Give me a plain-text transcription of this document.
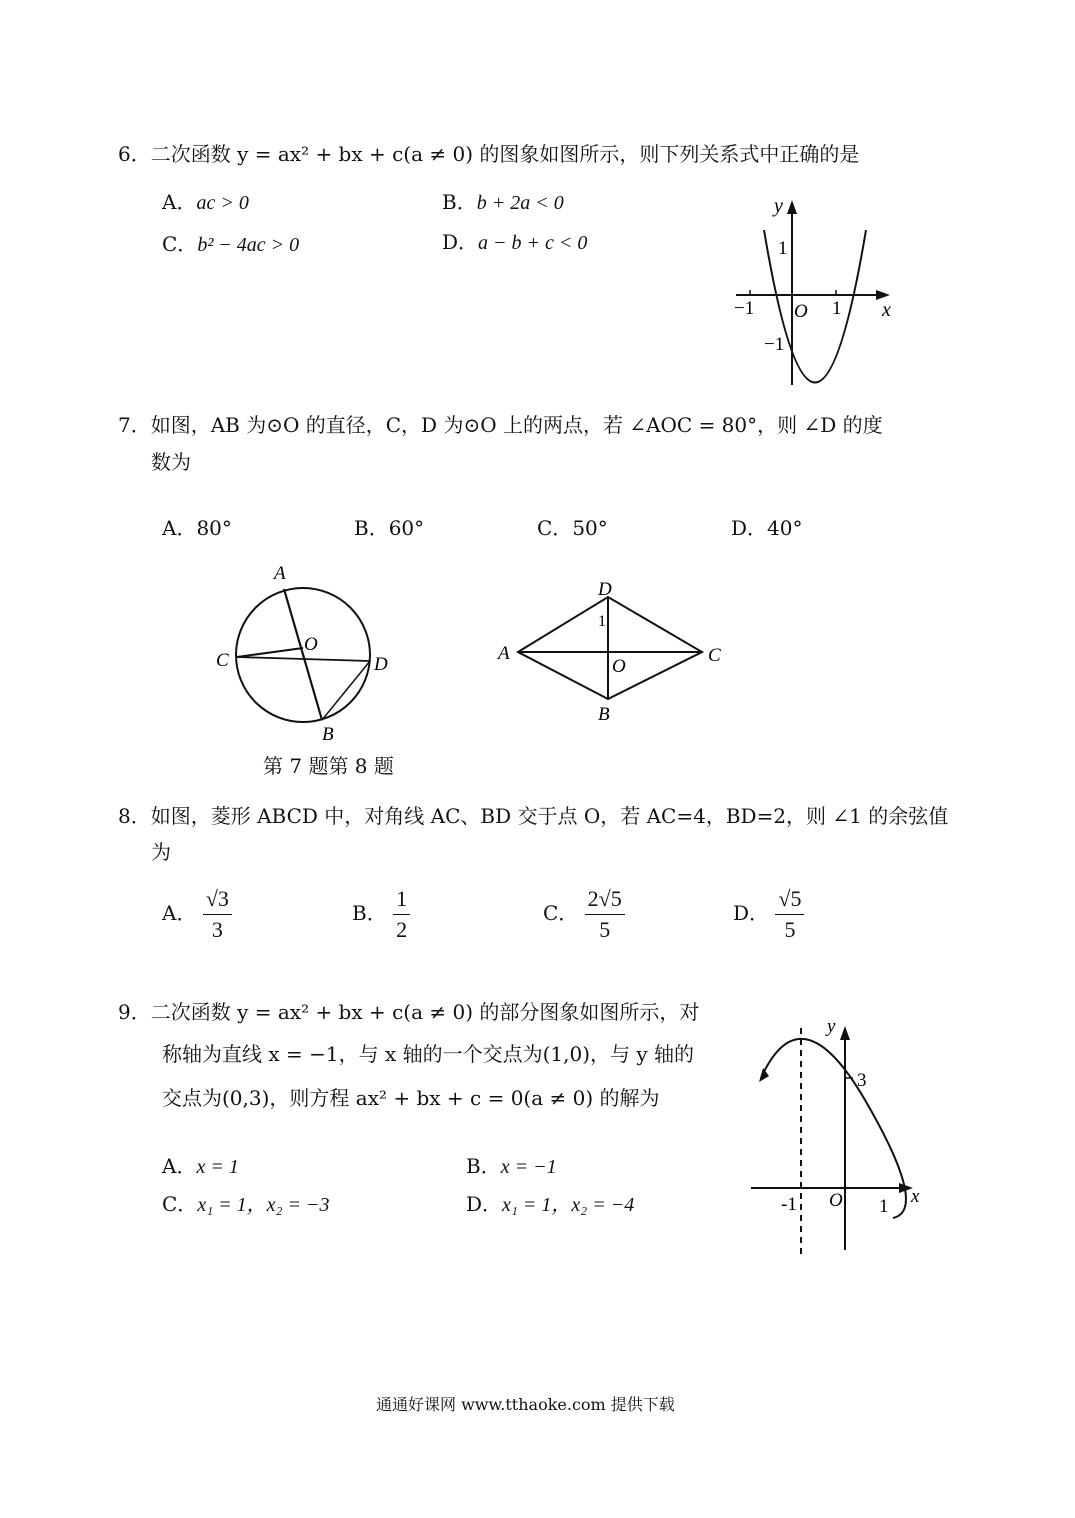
6．二次函数 y = ax² + bx + c(a ≠ 0) 的图象如图所示，则下列关系式中正确的是
A．ac > 0	B．b + 2a < 0
C．b² − 4ac > 0	D．a − b + c < 0
y
x
O
1
−1
−1	1
7．如图，AB 为⊙O 的直径，C，D 为⊙O 上的两点，若 ∠AOC = 80°，则 ∠D 的度
数为
A．80°	B．60°	C．50°	D．40°
A
B
C	D
O	A
B
C
D
O
1
第 7 题第 8 题
8．如图，菱形 ABCD 中，对角线 AC、BD 交于点 O，若 AC=4，BD=2，则 ∠1 的余弦值
为
A． $\frac{√3}{3}$	B． $\frac{1}{2}$	C． $\frac{2√5}{5}$	D． $\frac{√5}{5}$
9．二次函数 y = ax² + bx + c(a ≠ 0) 的部分图象如图所示，对
称轴为直线 x = −1，与 x 轴的一个交点为(1,0)，与 y 轴的
交点为(0,3)，则方程 ax² + bx + c = 0(a ≠ 0) 的解为
A．x = 1	B．x = −1
C．x₁ = 1，x₂ = −3	D．x₁ = 1，x₂ = −4
y
x
O
3
-1	1
通通好课网 www.tthaoke.com 提供下载
